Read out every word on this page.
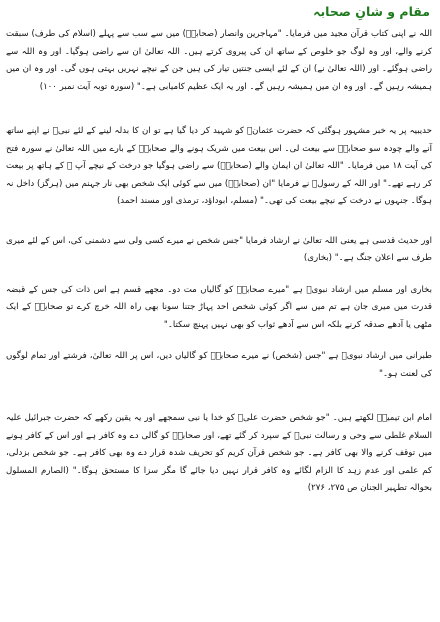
مقام و شانِ صحابہ

اللہ نے اپنی کتاب قرآن مجید میں فرمایا۔ "مہاجرین وانصار (صحابہؓ) میں سے سب سے پہلے (اسلام کی طرف) سبقت کرنے والے، اور وہ لوگ جو خلوص کے ساتھ ان کی پیروی کرتے ہیں۔ اللہ تعالیٰ ان سے راضی ہوگیا۔ اور وہ اللہ سے راضی ہوگئے۔ اور (اللہ تعالیٰ نے) ان کے لئے ایسی جنتیں تیار کی ہیں جن کے نیچے نہریں بہتی ہوں گی۔ اور وہ ان میں ہمیشہ رہیں گے۔ اور وہ ان میں ہمیشہ رہیں گے۔ اور یہ ایک عظیم کامیابی ہے۔" (سورہ توبہ آیت نمبر ۱۰۰)

حدیبیہ پر یہ خبر مشہور ہوگئی کہ حضرت عثمانؓ کو شہید کر دیا گیا ہے تو ان کا بدلہ لینے کے لئے نبیؐ نے اپنے ساتھ آنے والے چودہ سو صحابہؓ سے بیعت لی۔ اس بیعت میں شریک ہونے والے صحابہؓ کے بارے میں اللہ تعالیٰ نے سورہ فتح کی آیت ۱۸ میں فرمایا۔ "اللہ تعالیٰ ان ایمان والے (صحابہؓ) سے راضی ہوگیا جو درخت کے نیچے آپ ﷺ کے ہاتھ پر بیعت کر رہے تھے۔" اور اللہ کے رسولؐ نے فرمایا "ان (صحابہؓ) میں سے کوئی ایک شخص بھی نار جہنم میں (ہرگز) داخل نہ ہوگا۔ جنہوں نے درخت کے نیچے بیعت کی تھی۔" (مسلم، ابوداؤد، ترمذی اور مسند احمد)

اور حدیث قدسی ہے یعنی اللہ تعالیٰ نے ارشاد فرمایا "جس شخص نے میرے کسی ولی سے دشمنی کی، اس کے لئے میری طرف سے اعلان جنگ ہے۔" (بخاری)

بخاری اور مسلم میں ارشاد نبویؐ ہے "میرے صحابہؓ کو گالیاں مت دو۔ مجھے قسم ہے اس ذات کی جس کے قبضہ قدرت میں میری جان ہے تم میں سے اگر کوئی شخص احد پہاڑ جتنا سونا بھی راہ اللہ خرچ کرے تو صحابہؓ کے ایک مٹھی یا آدھے صدقہ کرنے بلکہ اس سے آدھے ثواب کو بھی نہیں پہنچ سکتا۔"

طبرانی میں ارشاد نبویؐ ہے "جس (شخص) نے میرے صحابہؓ کو گالیاں دیں، اس پر اللہ تعالیٰ، فرشتے اور تمام لوگوں کی لعنت ہو۔"

امام ابن تیمیہؒ لکھتے ہیں۔ "جو شخص حضرت علیؓ کو خدا یا نبی سمجھے اور یہ یقین رکھے کہ حضرت جبرائیل علیہ السلام غلطی سے وحی و رسالت نبیؐ کے سپرد کر گئے تھے، اور صحابہؓ کو گالی دے وہ کافر ہے اور اس کے کافر ہونے میں توقف کرنے والا بھی کافر ہے۔ جو شخص قرآن کریم کو تحریف شدہ قرار دے وہ بھی کافر ہے۔ جو شخص بزدلی، کم علمی اور عدم زہد کا الزام لگائے وہ کافر قرار نہیں دیا جائے گا مگر سزا کا مستحق ہوگا۔" (الصارم المسلول بحوالہ تطہیر الجنان ص ۲۷۵، ۲۷۶)
